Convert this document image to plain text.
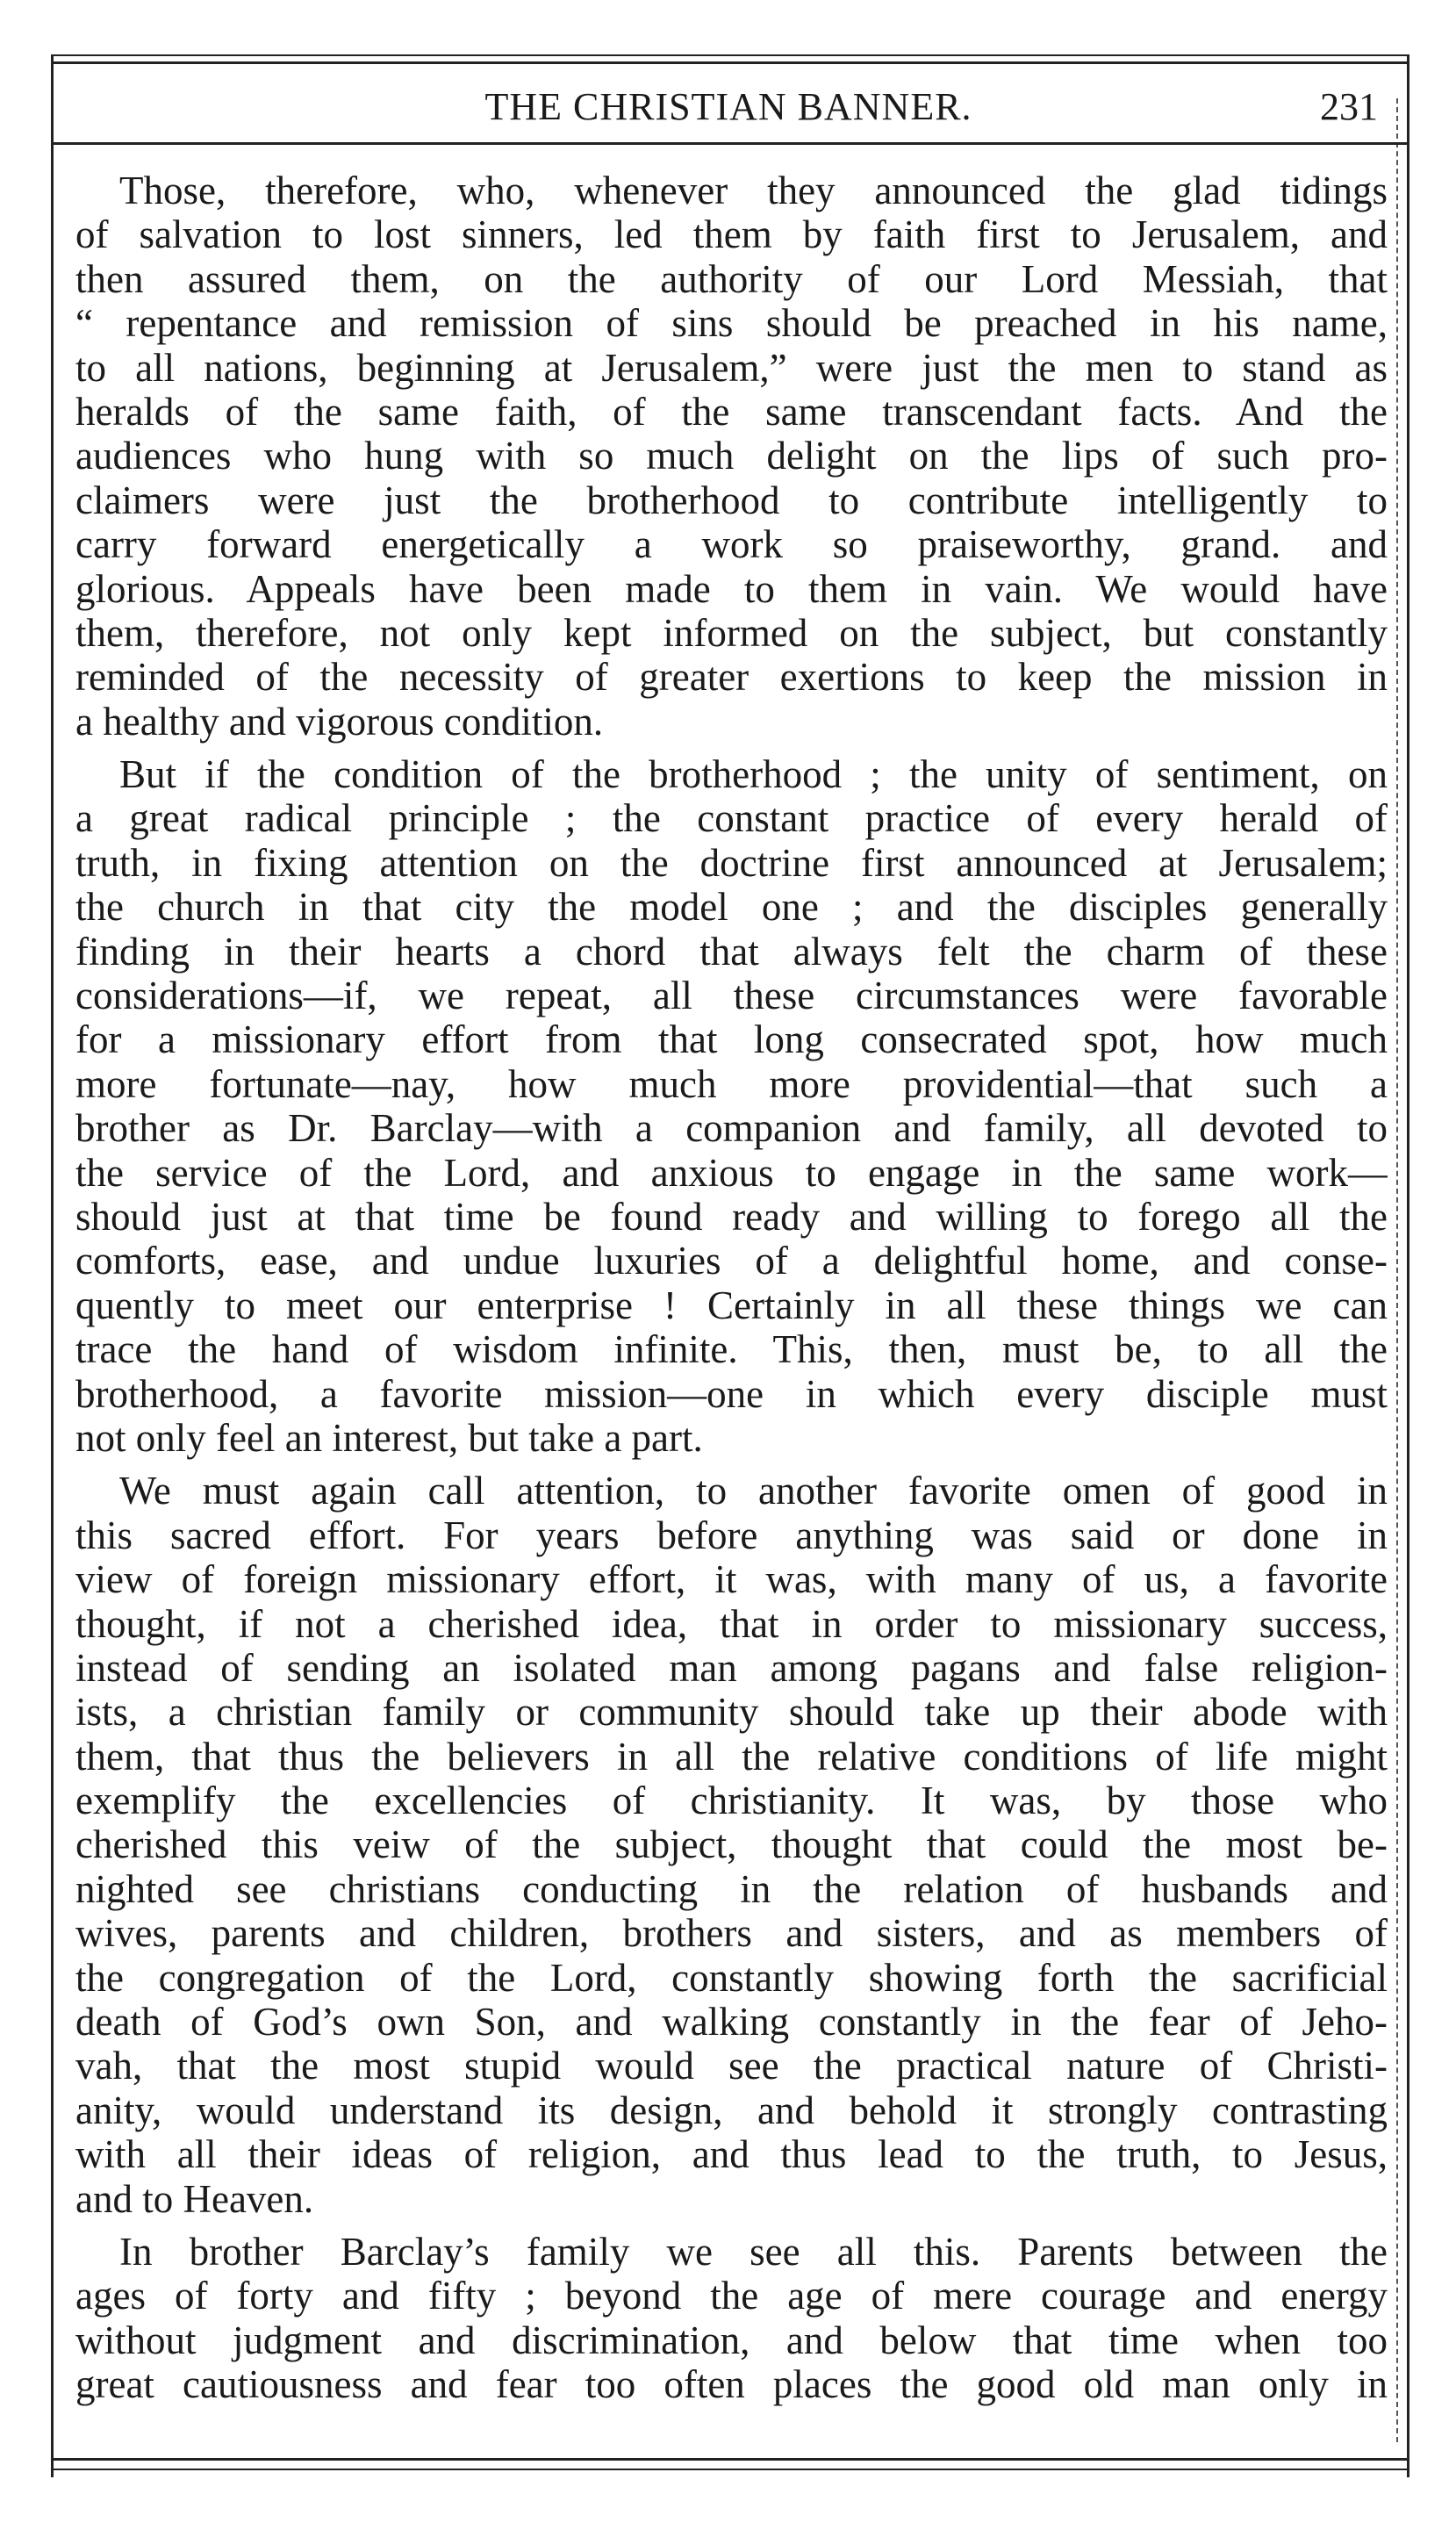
THE CHRISTIAN BANNER.	231
Those, therefore, who, whenever they announced the glad tidings
of salvation to lost sinners, led them by faith first to Jerusalem, and
then assured them, on the authority of our Lord Messiah, that
“ repentance and remission of sins should be preached in his name,
to all nations, beginning at Jerusalem,” were just the men to stand as
heralds of the same faith, of the same transcendant facts. And the
audiences who hung with so much delight on the lips of such pro-
claimers were just the brotherhood to contribute intelligently to
carry forward energetically a work so praiseworthy, grand. and
glorious. Appeals have been made to them in vain. We would have
them, therefore, not only kept informed on the subject, but constantly
reminded of the necessity of greater exertions to keep the mission in
a healthy and vigorous condition.
But if the condition of the brotherhood ; the unity of sentiment, on
a great radical principle ; the constant practice of every herald of
truth, in fixing attention on the doctrine first announced at Jerusalem;
the church in that city the model one ; and the disciples generally
finding in their hearts a chord that always felt the charm of these
considerations—if, we repeat, all these circumstances were favorable
for a missionary effort from that long consecrated spot, how much
more fortunate—nay, how much more providential—that such a
brother as Dr. Barclay—with a companion and family, all devoted to
the service of the Lord, and anxious to engage in the same work—
should just at that time be found ready and willing to forego all the
comforts, ease, and undue luxuries of a delightful home, and conse-
quently to meet our enterprise ! Certainly in all these things we can
trace the hand of wisdom infinite. This, then, must be, to all the
brotherhood, a favorite mission—one in which every disciple must
not only feel an interest, but take a part.
We must again call attention, to another favorite omen of good in
this sacred effort. For years before anything was said or done in
view of foreign missionary effort, it was, with many of us, a favorite
thought, if not a cherished idea, that in order to missionary success,
instead of sending an isolated man among pagans and false religion-
ists, a christian family or community should take up their abode with
them, that thus the believers in all the relative conditions of life might
exemplify the excellencies of christianity. It was, by those who
cherished this veiw of the subject, thought that could the most be-
nighted see christians conducting in the relation of husbands and
wives, parents and children, brothers and sisters, and as members of
the congregation of the Lord, constantly showing forth the sacrificial
death of God’s own Son, and walking constantly in the fear of Jeho-
vah, that the most stupid would see the practical nature of Christi-
anity, would understand its design, and behold it strongly contrasting
with all their ideas of religion, and thus lead to the truth, to Jesus,
and to Heaven.
In brother Barclay’s family we see all this. Parents between the
ages of forty and fifty ; beyond the age of mere courage and energy
without judgment and discrimination, and below that time when too
great cautiousness and fear too often places the good old man only in
